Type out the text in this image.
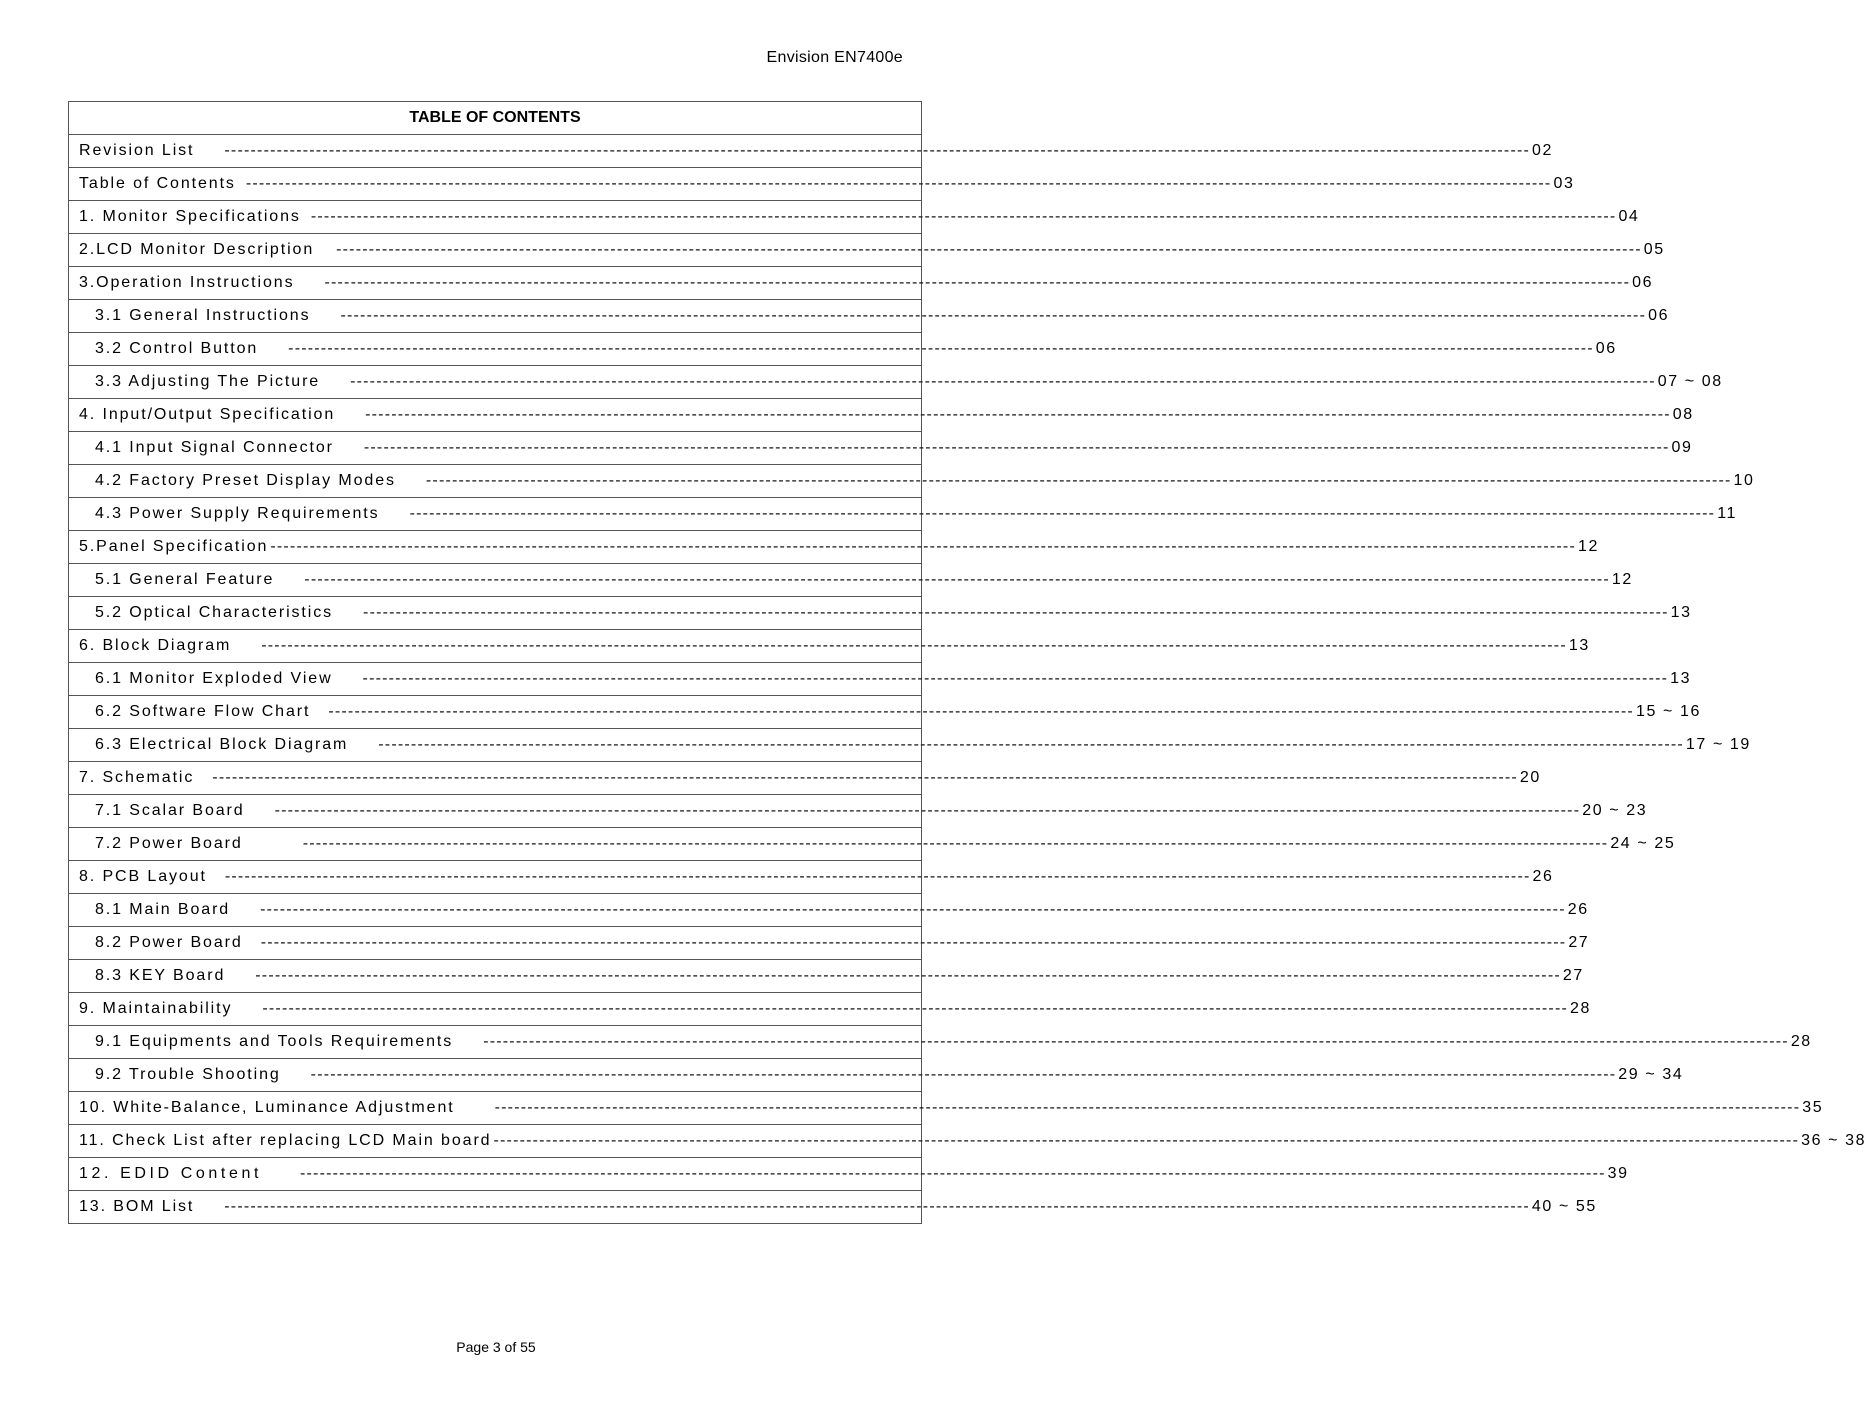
Envision EN7400e
TABLE OF CONTENTS

Revision List -------------------------------------------------------------------------------------------------------------------------------------------------------------------------------------------------------- 02

Table of Contents -------------------------------------------------------------------------------------------------------------------------------------------------------------------------------------------------------- 03

1. Monitor Specifications -------------------------------------------------------------------------------------------------------------------------------------------------------------------------------------------------------- 04

2.LCD Monitor Description -------------------------------------------------------------------------------------------------------------------------------------------------------------------------------------------------------- 05

3.Operation Instructions -------------------------------------------------------------------------------------------------------------------------------------------------------------------------------------------------------- 06

3.1 General Instructions -------------------------------------------------------------------------------------------------------------------------------------------------------------------------------------------------------- 06

3.2 Control Button -------------------------------------------------------------------------------------------------------------------------------------------------------------------------------------------------------- 06

3.3 Adjusting The Picture -------------------------------------------------------------------------------------------------------------------------------------------------------------------------------------------------------- 07 ~ 08

4. Input/Output Specification -------------------------------------------------------------------------------------------------------------------------------------------------------------------------------------------------------- 08

4.1 Input Signal Connector -------------------------------------------------------------------------------------------------------------------------------------------------------------------------------------------------------- 09

4.2 Factory Preset Display Modes -------------------------------------------------------------------------------------------------------------------------------------------------------------------------------------------------------- 10

4.3 Power Supply Requirements -------------------------------------------------------------------------------------------------------------------------------------------------------------------------------------------------------- 11

5.Panel Specification -------------------------------------------------------------------------------------------------------------------------------------------------------------------------------------------------------- 12

5.1 General Feature -------------------------------------------------------------------------------------------------------------------------------------------------------------------------------------------------------- 12

5.2 Optical Characteristics -------------------------------------------------------------------------------------------------------------------------------------------------------------------------------------------------------- 13

6. Block Diagram -------------------------------------------------------------------------------------------------------------------------------------------------------------------------------------------------------- 13

6.1 Monitor Exploded View -------------------------------------------------------------------------------------------------------------------------------------------------------------------------------------------------------- 13

6.2 Software Flow Chart -------------------------------------------------------------------------------------------------------------------------------------------------------------------------------------------------------- 15 ~ 16

6.3 Electrical Block Diagram -------------------------------------------------------------------------------------------------------------------------------------------------------------------------------------------------------- 17 ~ 19

7. Schematic -------------------------------------------------------------------------------------------------------------------------------------------------------------------------------------------------------- 20

7.1 Scalar Board -------------------------------------------------------------------------------------------------------------------------------------------------------------------------------------------------------- 20 ~ 23

7.2 Power Board	-------------------------------------------------------------------------------------------------------------------------------------------------------------------------------------------------------- 24 ~ 25

8. PCB Layout -------------------------------------------------------------------------------------------------------------------------------------------------------------------------------------------------------- 26

8.1 Main Board -------------------------------------------------------------------------------------------------------------------------------------------------------------------------------------------------------- 26

8.2 Power Board -------------------------------------------------------------------------------------------------------------------------------------------------------------------------------------------------------- 27

8.3 KEY Board -------------------------------------------------------------------------------------------------------------------------------------------------------------------------------------------------------- 27

9. Maintainability -------------------------------------------------------------------------------------------------------------------------------------------------------------------------------------------------------- 28

9.1 Equipments and Tools Requirements -------------------------------------------------------------------------------------------------------------------------------------------------------------------------------------------------------- 28

9.2 Trouble Shooting -------------------------------------------------------------------------------------------------------------------------------------------------------------------------------------------------------- 29 ~ 34

10. White-Balance, Luminance Adjustment	-------------------------------------------------------------------------------------------------------------------------------------------------------------------------------------------------------- 35

11. Check List after replacing LCD Main board -------------------------------------------------------------------------------------------------------------------------------------------------------------------------------------------------------- 36 ~ 38

12. EDID Content -------------------------------------------------------------------------------------------------------------------------------------------------------------------------------------------------------- 39

13. BOM List -------------------------------------------------------------------------------------------------------------------------------------------------------------------------------------------------------- 40 ~ 55
Page 3 of 55
